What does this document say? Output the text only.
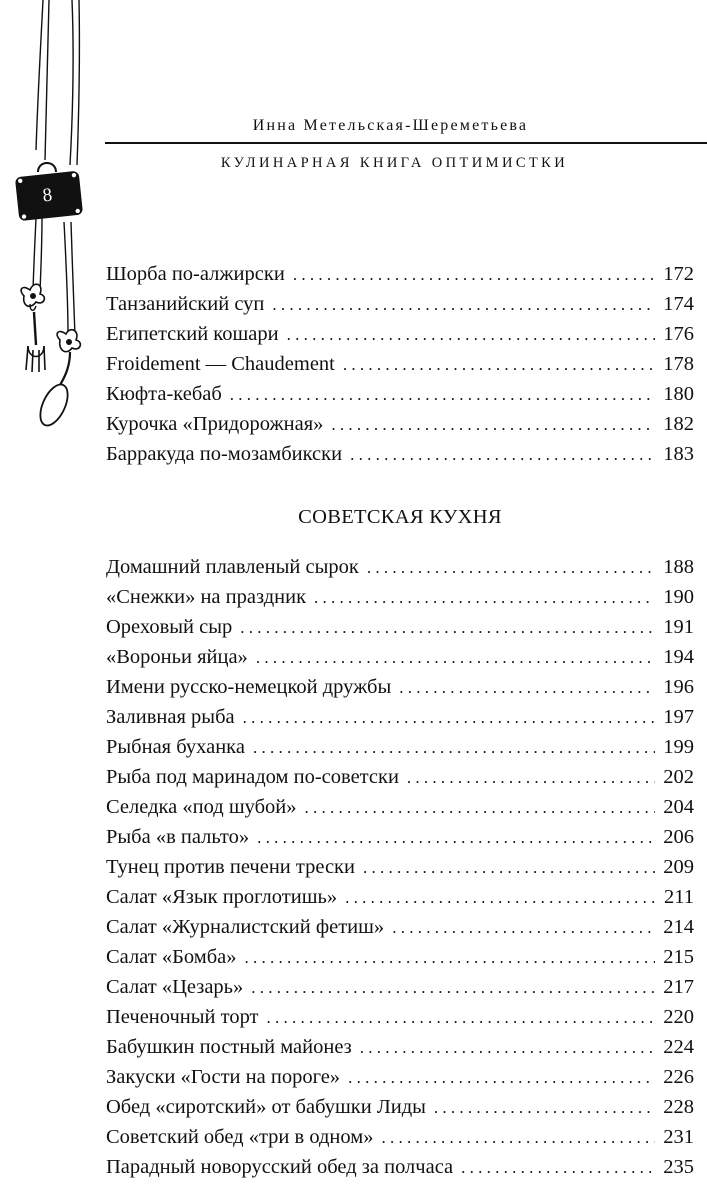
8
Инна Метельская-Шереметьева
КУЛИНАРНАЯ КНИГА ОПТИМИСТКИ
Шорба по-алжирски . . .	172
Танзанийский суп . . .	174
Египетский кошари . . .	176
Froidement — Chaudement . . .	178
Кюфта-кебаб . . .	180
Курочка «Придорожная» . . .	182
Барракуда по-мозамбикски . . .	183
СОВЕТСКАЯ КУХНЯ
Домашний плавленый сырок . . .	188
«Снежки» на праздник . . .	190
Ореховый сыр . . .	191
«Вороньи яйца» . . .	194
Имени русско-немецкой дружбы . . .	196
Заливная рыба . . .	197
Рыбная буханка . . .	199
Рыба под маринадом по-советски . . .	202
Селедка «под шубой» . . .	204
Рыба «в пальто» . . .	206
Тунец против печени трески . . .	209
Салат «Язык проглотишь» . . .	211
Салат «Журналистский фетиш» . . .	214
Салат «Бомба» . . .	215
Салат «Цезарь» . . .	217
Печеночный торт . . .	220
Бабушкин постный майонез . . .	224
Закуски «Гости на пороге» . . .	226
Обед «сиротский» от бабушки Лиды . . .	228
Советский обед «три в одном» . . .	231
Парадный новорусский обед за полчаса . . .	235
